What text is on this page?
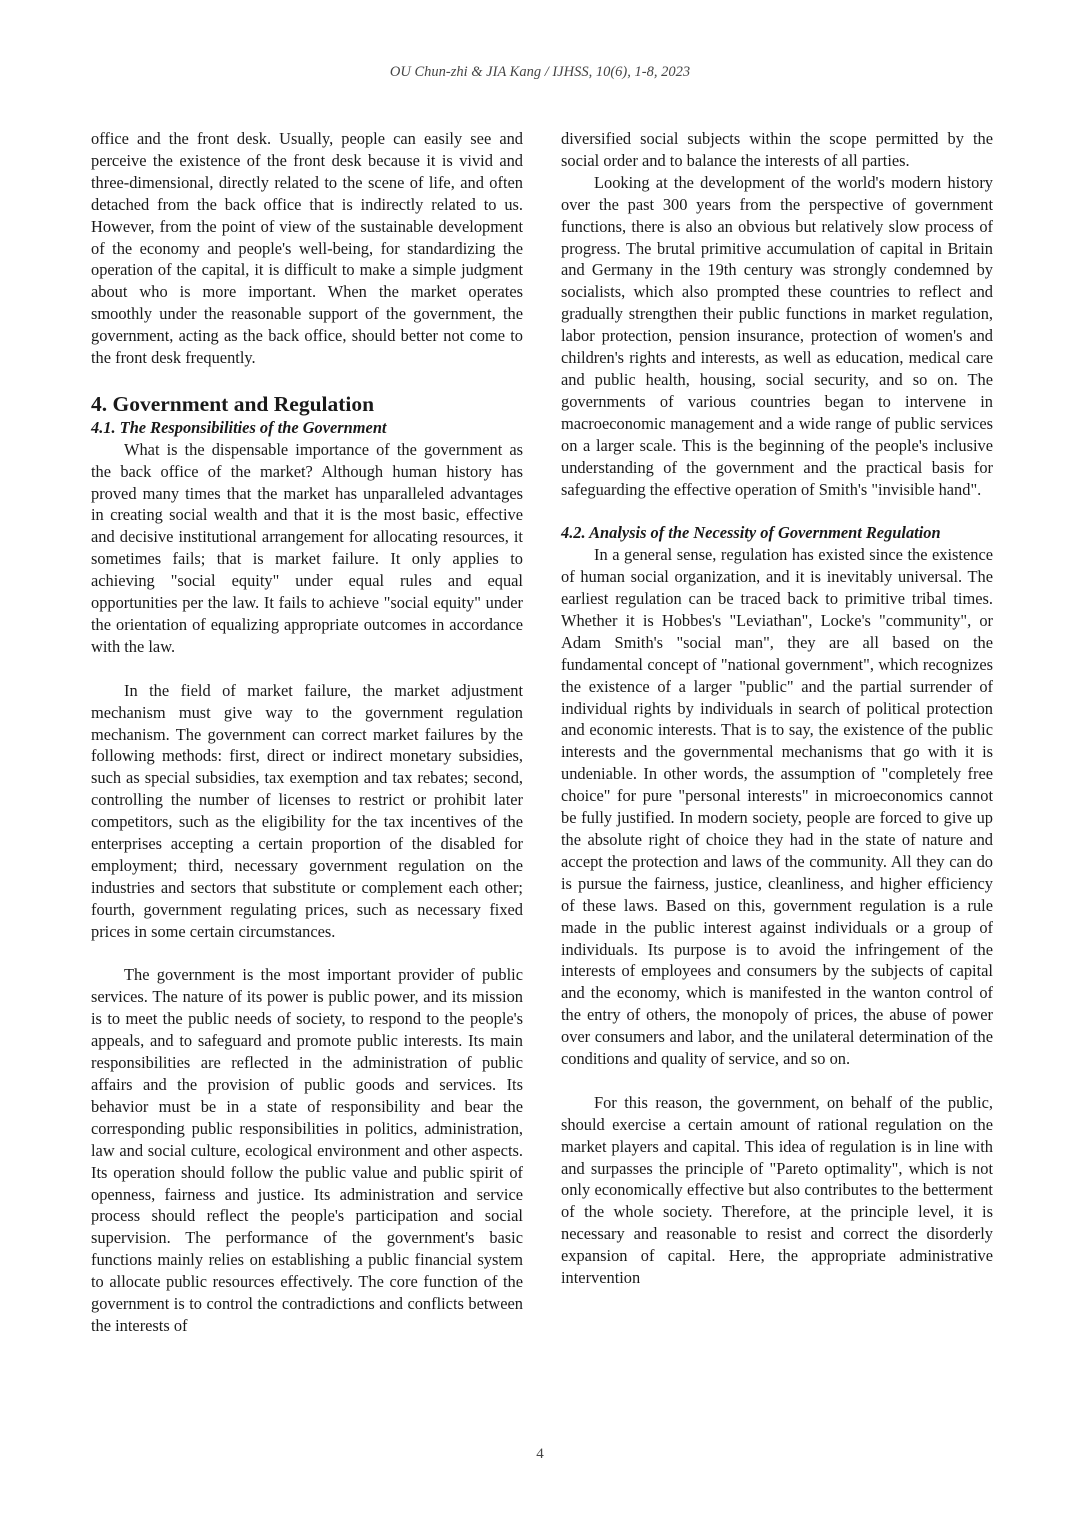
OU Chun-zhi & JIA Kang / IJHSS, 10(6), 1-8, 2023

office and the front desk. Usually, people can easily see and perceive the existence of the front desk because it is vivid and three-dimensional, directly related to the scene of life, and often detached from the back office that is indirectly related to us. However, from the point of view of the sustainable development of the economy and people's well-being, for standardizing the operation of the capital, it is difficult to make a simple judgment about who is more important. When the market operates smoothly under the reasonable support of the government, the government, acting as the back office, should better not come to the front desk frequently.

4. Government and Regulation
4.1. The Responsibilities of the Government

What is the dispensable importance of the government as the back office of the market? Although human history has proved many times that the market has unparalleled advantages in creating social wealth and that it is the most basic, effective and decisive institutional arrangement for allocating resources, it sometimes fails; that is market failure. It only applies to achieving "social equity" under equal rules and equal opportunities per the law. It fails to achieve "social equity" under the orientation of equalizing appropriate outcomes in accordance with the law.

In the field of market failure, the market adjustment mechanism must give way to the government regulation mechanism. The government can correct market failures by the following methods: first, direct or indirect monetary subsidies, such as special subsidies, tax exemption and tax rebates; second, controlling the number of licenses to restrict or prohibit later competitors, such as the eligibility for the tax incentives of the enterprises accepting a certain proportion of the disabled for employment; third, necessary government regulation on the industries and sectors that substitute or complement each other; fourth, government regulating prices, such as necessary fixed prices in some certain circumstances.

The government is the most important provider of public services. The nature of its power is public power, and its mission is to meet the public needs of society, to respond to the people's appeals, and to safeguard and promote public interests. Its main responsibilities are reflected in the administration of public affairs and the provision of public goods and services. Its behavior must be in a state of responsibility and bear the corresponding public responsibilities in politics, administration, law and social culture, ecological environment and other aspects. Its operation should follow the public value and public spirit of openness, fairness and justice. Its administration and service process should reflect the people's participation and social supervision. The performance of the government's basic functions mainly relies on establishing a public financial system to allocate public resources effectively. The core function of the government is to control the contradictions and conflicts between the interests of

diversified social subjects within the scope permitted by the social order and to balance the interests of all parties.

Looking at the development of the world's modern history over the past 300 years from the perspective of government functions, there is also an obvious but relatively slow process of progress. The brutal primitive accumulation of capital in Britain and Germany in the 19th century was strongly condemned by socialists, which also prompted these countries to reflect and gradually strengthen their public functions in market regulation, labor protection, pension insurance, protection of women's and children's rights and interests, as well as education, medical care and public health, housing, social security, and so on. The governments of various countries began to intervene in macroeconomic management and a wide range of public services on a larger scale. This is the beginning of the people's inclusive understanding of the government and the practical basis for safeguarding the effective operation of Smith's "invisible hand".

4.2. Analysis of the Necessity of Government Regulation

In a general sense, regulation has existed since the existence of human social organization, and it is inevitably universal. The earliest regulation can be traced back to primitive tribal times. Whether it is Hobbes's "Leviathan", Locke's "community", or Adam Smith's "social man", they are all based on the fundamental concept of "national government", which recognizes the existence of a larger "public" and the partial surrender of individual rights by individuals in search of political protection and economic interests. That is to say, the existence of the public interests and the governmental mechanisms that go with it is undeniable. In other words, the assumption of "completely free choice" for pure "personal interests" in microeconomics cannot be fully justified. In modern society, people are forced to give up the absolute right of choice they had in the state of nature and accept the protection and laws of the community. All they can do is pursue the fairness, justice, cleanliness, and higher efficiency of these laws. Based on this, government regulation is a rule made in the public interest against individuals or a group of individuals. Its purpose is to avoid the infringement of the interests of employees and consumers by the subjects of capital and the economy, which is manifested in the wanton control of the entry of others, the monopoly of prices, the abuse of power over consumers and labor, and the unilateral determination of the conditions and quality of service, and so on.

For this reason, the government, on behalf of the public, should exercise a certain amount of rational regulation on the market players and capital. This idea of regulation is in line with and surpasses the principle of "Pareto optimality", which is not only economically effective but also contributes to the betterment of the whole society. Therefore, at the principle level, it is necessary and reasonable to resist and correct the disorderly expansion of capital. Here, the appropriate administrative intervention

4
